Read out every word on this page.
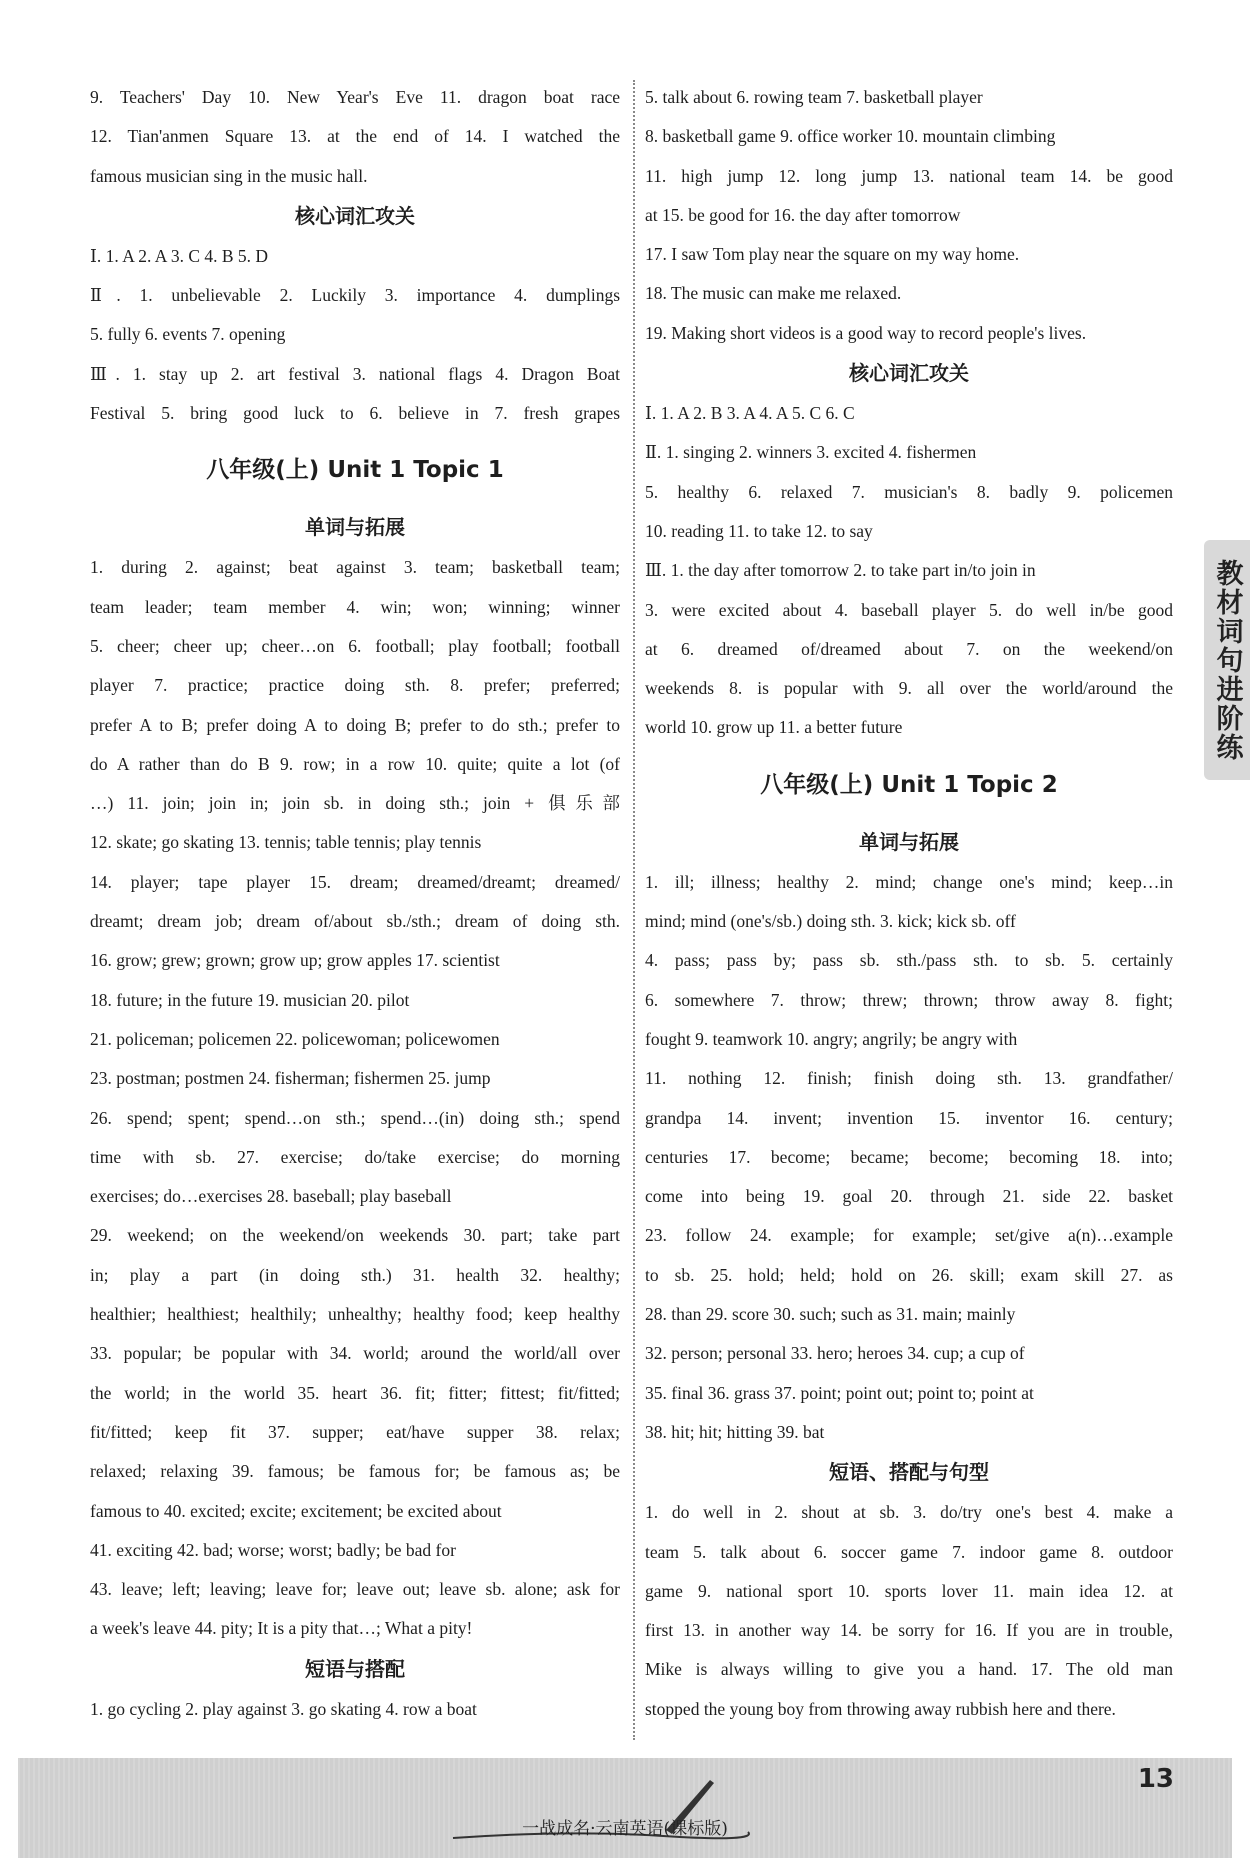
9. Teachers' Day 10. New Year's Eve 11. dragon boat race
12. Tian'anmen Square 13. at the end of 14. I watched the
famous musician sing in the music hall.
核心词汇攻关
Ⅰ. 1. A 2. A 3. C 4. B 5. D
Ⅱ. 1. unbelievable 2. Luckily 3. importance 4. dumplings
5. fully 6. events 7. opening
Ⅲ. 1. stay up 2. art festival 3. national flags 4. Dragon Boat
Festival 5. bring good luck to 6. believe in 7. fresh grapes
八年级(上) Unit 1 Topic 1
单词与拓展
1. during 2. against; beat against 3. team; basketball team;
team leader; team member 4. win; won; winning; winner
5. cheer; cheer up; cheer…on 6. football; play football; football
player 7. practice; practice doing sth. 8. prefer; preferred;
prefer A to B; prefer doing A to doing B; prefer to do sth.; prefer to
do A rather than do B 9. row; in a row 10. quite; quite a lot (of
…) 11. join; join in; join sb. in doing sth.; join + 俱乐部
12. skate; go skating 13. tennis; table tennis; play tennis
14. player; tape player 15. dream; dreamed/dreamt; dreamed/
dreamt; dream job; dream of/about sb./sth.; dream of doing sth.
16. grow; grew; grown; grow up; grow apples 17. scientist
18. future; in the future 19. musician 20. pilot
21. policeman; policemen 22. policewoman; policewomen
23. postman; postmen 24. fisherman; fishermen 25. jump
26. spend; spent; spend…on sth.; spend…(in) doing sth.; spend
time with sb. 27. exercise; do/take exercise; do morning
exercises; do…exercises 28. baseball; play baseball
29. weekend; on the weekend/on weekends 30. part; take part
in; play a part (in doing sth.) 31. health 32. healthy;
healthier; healthiest; healthily; unhealthy; healthy food; keep healthy
33. popular; be popular with 34. world; around the world/all over
the world; in the world 35. heart 36. fit; fitter; fittest; fit/fitted;
fit/fitted; keep fit 37. supper; eat/have supper 38. relax;
relaxed; relaxing 39. famous; be famous for; be famous as; be
famous to 40. excited; excite; excitement; be excited about
41. exciting 42. bad; worse; worst; badly; be bad for
43. leave; left; leaving; leave for; leave out; leave sb. alone; ask for
a week's leave 44. pity; It is a pity that…; What a pity!
短语与搭配
1. go cycling 2. play against 3. go skating 4. row a boat
5. talk about 6. rowing team 7. basketball player
8. basketball game 9. office worker 10. mountain climbing
11. high jump 12. long jump 13. national team 14. be good
at 15. be good for 16. the day after tomorrow
17. I saw Tom play near the square on my way home.
18. The music can make me relaxed.
19. Making short videos is a good way to record people's lives.
核心词汇攻关
Ⅰ. 1. A 2. B 3. A 4. A 5. C 6. C
Ⅱ. 1. singing 2. winners 3. excited 4. fishermen
5. healthy 6. relaxed 7. musician's 8. badly 9. policemen
10. reading 11. to take 12. to say
Ⅲ. 1. the day after tomorrow 2. to take part in/to join in
3. were excited about 4. baseball player 5. do well in/be good
at 6. dreamed of/dreamed about 7. on the weekend/on
weekends 8. is popular with 9. all over the world/around the
world 10. grow up 11. a better future
八年级(上) Unit 1 Topic 2
单词与拓展
1. ill; illness; healthy 2. mind; change one's mind; keep…in
mind; mind (one's/sb.) doing sth. 3. kick; kick sb. off
4. pass; pass by; pass sb. sth./pass sth. to sb. 5. certainly
6. somewhere 7. throw; threw; thrown; throw away 8. fight;
fought 9. teamwork 10. angry; angrily; be angry with
11. nothing 12. finish; finish doing sth. 13. grandfather/
grandpa 14. invent; invention 15. inventor 16. century;
centuries 17. become; became; become; becoming 18. into;
come into being 19. goal 20. through 21. side 22. basket
23. follow 24. example; for example; set/give a(n)…example
to sb. 25. hold; held; hold on 26. skill; exam skill 27. as
28. than 29. score 30. such; such as 31. main; mainly
32. person; personal 33. hero; heroes 34. cup; a cup of
35. final 36. grass 37. point; point out; point to; point at
38. hit; hit; hitting 39. bat
短语、搭配与句型
1. do well in 2. shout at sb. 3. do/try one's best 4. make a
team 5. talk about 6. soccer game 7. indoor game 8. outdoor
game 9. national sport 10. sports lover 11. main idea 12. at
first 13. in another way 14. be sorry for 16. If you are in trouble,
Mike is always willing to give you a hand. 17. The old man
stopped the young boy from throwing away rubbish here and there.
教材词句进阶练
13
一战成名·云南英语(课标版)
